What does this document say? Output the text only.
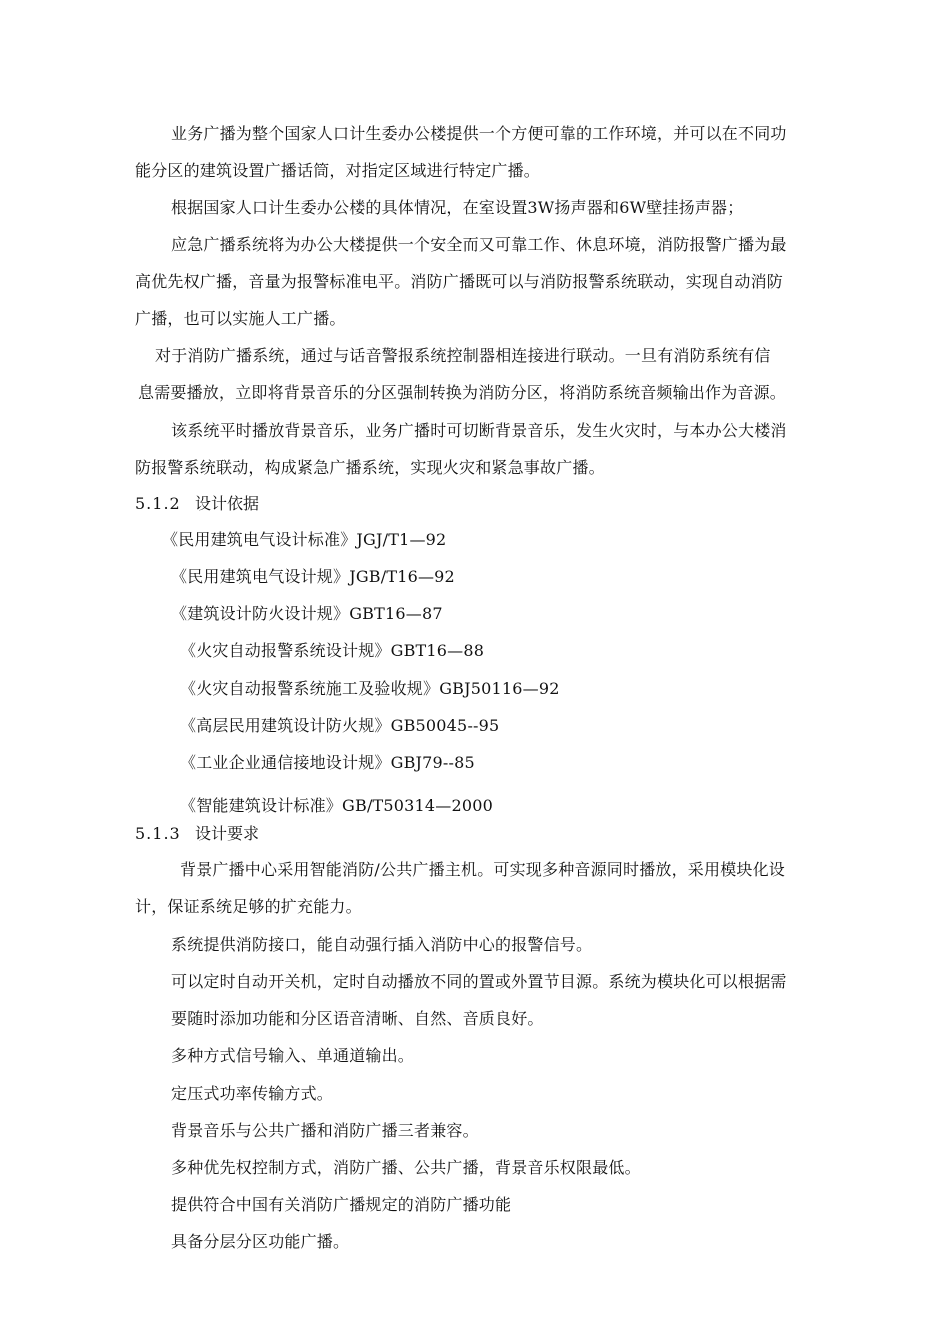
业务广播为整个国家人口计生委办公楼提供一个方便可靠的工作环境，并可以在不同功
能分区的建筑设置广播话筒，对指定区域进行特定广播。
根据国家人口计生委办公楼的具体情况，在室设置3W扬声器和6W壁挂扬声器；
应急广播系统将为办公大楼提供一个安全而又可靠工作、休息环境，消防报警广播为最
高优先权广播，音量为报警标准电平。消防广播既可以与消防报警系统联动，实现自动消防
广播，也可以实施人工广播。
对于消防广播系统，通过与话音警报系统控制器相连接进行联动。一旦有消防系统有信
息需要播放，立即将背景音乐的分区强制转换为消防分区，将消防系统音频输出作为音源。
该系统平时播放背景音乐，业务广播时可切断背景音乐，发生火灾时，与本办公大楼消
防报警系统联动，构成紧急广播系统，实现火灾和紧急事故广播。
5.1.2 设计依据
《民用建筑电气设计标准》JGJ/T1—92
《民用建筑电气设计规》JGB/T16—92
《建筑设计防火设计规》GBT16—87
《火灾自动报警系统设计规》GBT16—88
《火灾自动报警系统施工及验收规》GBJ50116—92
《高层民用建筑设计防火规》GB50045--95
《工业企业通信接地设计规》GBJ79--85
《智能建筑设计标准》GB/T50314—2000
5.1.3 设计要求
背景广播中心采用智能消防/公共广播主机。可实现多种音源同时播放，采用模块化设
计，保证系统足够的扩充能力。
系统提供消防接口，能自动强行插入消防中心的报警信号。
可以定时自动开关机，定时自动播放不同的置或外置节目源。系统为模块化可以根据需
要随时添加功能和分区语音清晰、自然、音质良好。
多种方式信号输入、单通道输出。
定压式功率传输方式。
背景音乐与公共广播和消防广播三者兼容。
多种优先权控制方式，消防广播、公共广播，背景音乐权限最低。
提供符合中国有关消防广播规定的消防广播功能
具备分层分区功能广播。
